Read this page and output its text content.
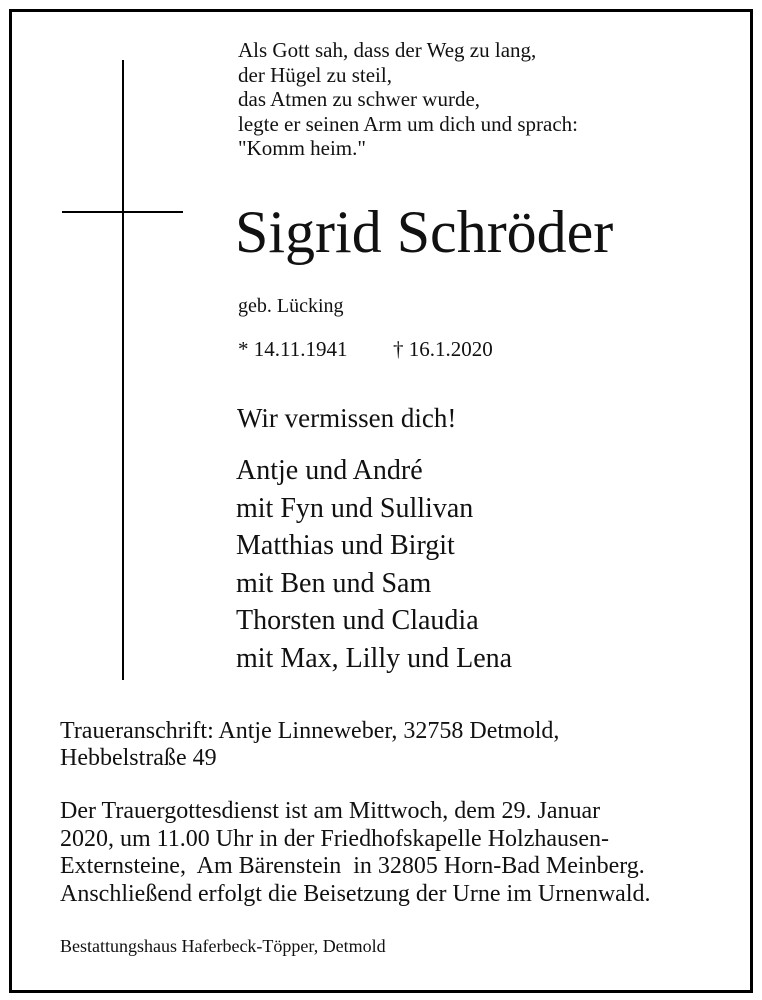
Als Gott sah, dass der Weg zu lang,
der Hügel zu steil,
das Atmen zu schwer wurde,
legte er seinen Arm um dich und sprach:
"Komm heim."
Sigrid Schröder
geb. Lücking
* 14.11.1941 † 16.1.2020
Wir vermissen dich!
Antje und André
mit Fyn und Sullivan
Matthias und Birgit
mit Ben und Sam
Thorsten und Claudia
mit Max, Lilly und Lena
Traueranschrift: Antje Linneweber, 32758 Detmold,
Hebbelstraße 49
Der Trauergottesdienst ist am Mittwoch, dem 29. Januar
2020, um 11.00 Uhr in der Friedhofskapelle Holzhausen-
Externsteine,  Am Bärenstein  in 32805 Horn-Bad Meinberg.
Anschließend erfolgt die Beisetzung der Urne im Urnenwald.
Bestattungshaus Haferbeck-Töpper, Detmold
